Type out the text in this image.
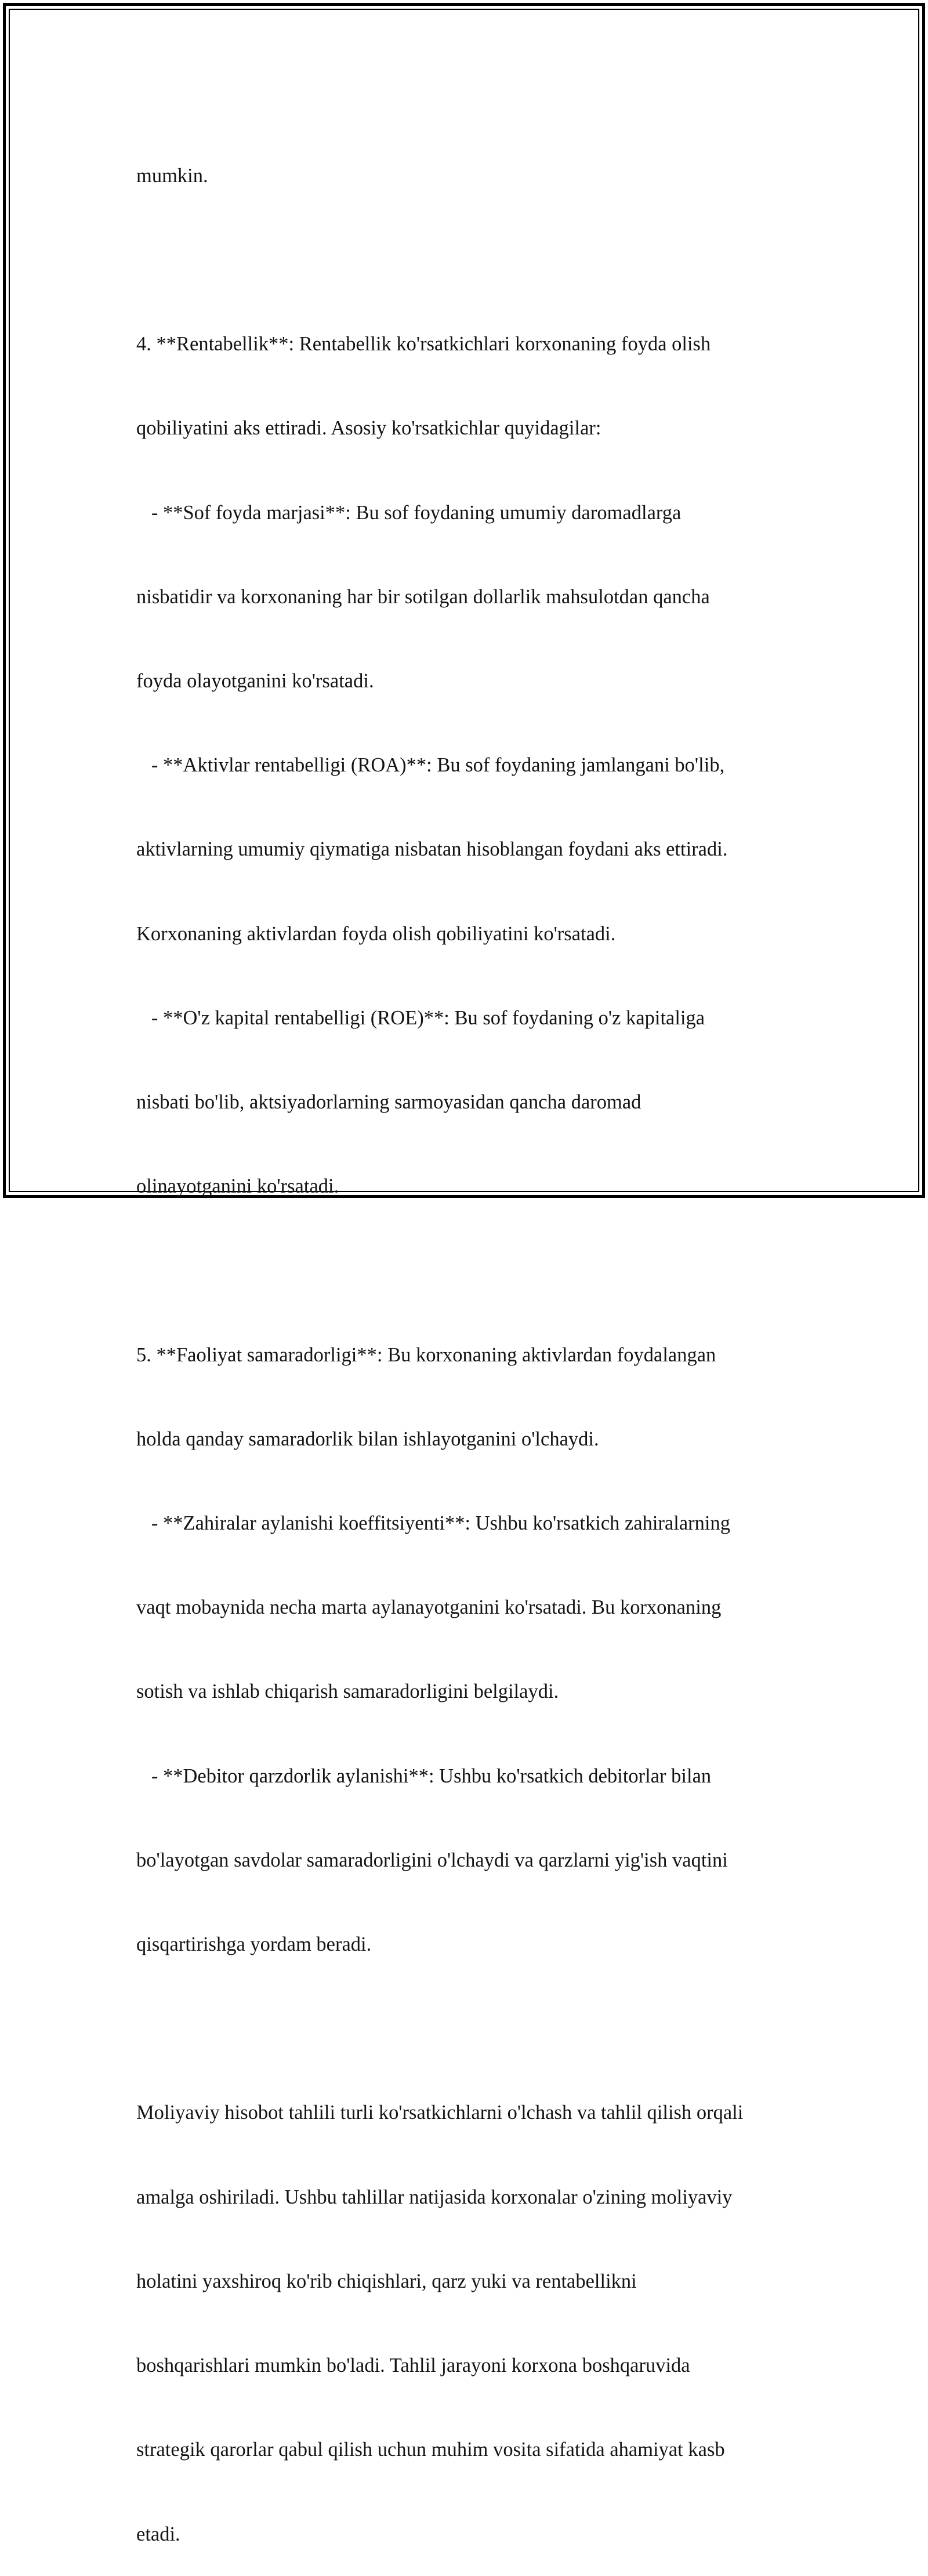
mumkin.

4. **Rentabellik**: Rentabellik ko'rsatkichlari korxonaning foyda olish

qobiliyatini aks ettiradi. Asosiy ko'rsatkichlar quyidagilar:

- **Sof foyda marjasi**: Bu sof foydaning umumiy daromadlarga

nisbatidir va korxonaning har bir sotilgan dollarlik mahsulotdan qancha

foyda olayotganini ko'rsatadi.

- **Aktivlar rentabelligi (ROA)**: Bu sof foydaning jamlangani bo'lib,

aktivlarning umumiy qiymatiga nisbatan hisoblangan foydani aks ettiradi.

Korxonaning aktivlardan foyda olish qobiliyatini ko'rsatadi.

- **O'z kapital rentabelligi (ROE)**: Bu sof foydaning o'z kapitaliga

nisbati bo'lib, aktsiyadorlarning sarmoyasidan qancha daromad

olinayotganini ko'rsatadi.

5. **Faoliyat samaradorligi**: Bu korxonaning aktivlardan foydalangan

holda qanday samaradorlik bilan ishlayotganini o'lchaydi.

- **Zahiralar aylanishi koeffitsiyenti**: Ushbu ko'rsatkich zahiralarning

vaqt mobaynida necha marta aylanayotganini ko'rsatadi. Bu korxonaning

sotish va ishlab chiqarish samaradorligini belgilaydi.

- **Debitor qarzdorlik aylanishi**: Ushbu ko'rsatkich debitorlar bilan

bo'layotgan savdolar samaradorligini o'lchaydi va qarzlarni yig'ish vaqtini

qisqartirishga yordam beradi.

Moliyaviy hisobot tahlili turli ko'rsatkichlarni o'lchash va tahlil qilish orqali

amalga oshiriladi. Ushbu tahlillar natijasida korxonalar o'zining moliyaviy

holatini yaxshiroq ko'rib chiqishlari, qarz yuki va rentabellikni

boshqarishlari mumkin bo'ladi. Tahlil jarayoni korxona boshqaruvida

strategik qarorlar qabul qilish uchun muhim vosita sifatida ahamiyat kasb

etadi.
